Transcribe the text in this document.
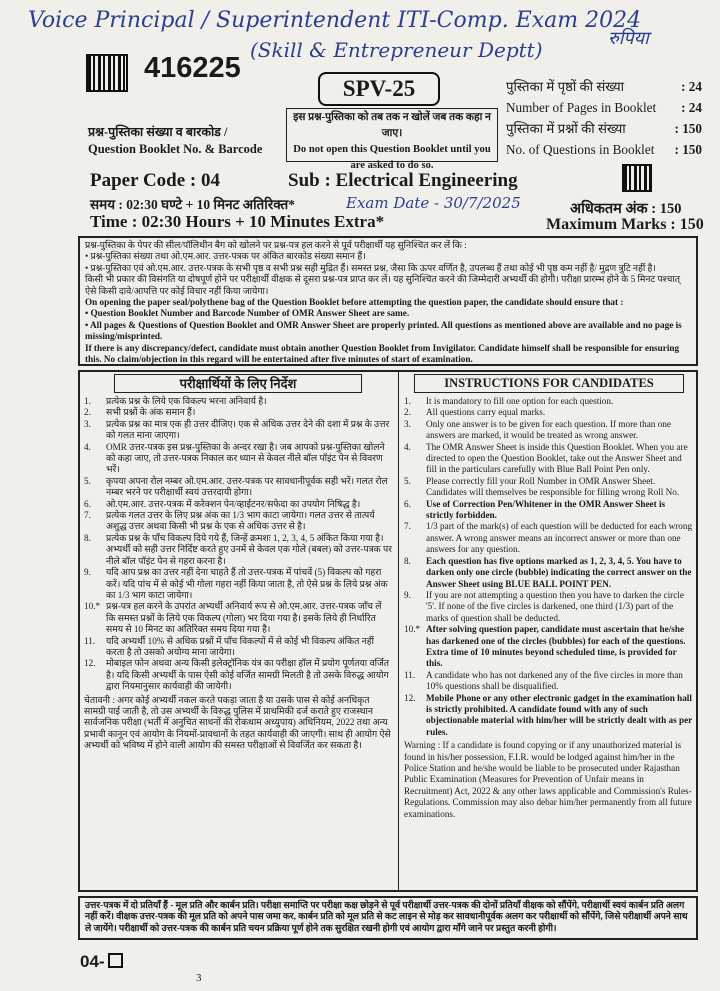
Voice Principal / Superintendent ITI-Comp. Exam 2024
(Skill & Entrepreneur Deptt)	रुपिया
416225
SPV-25
इस प्रश्न-पुस्तिका को तब तक न खोलें जब तक कहा न जाए।
Do not open this Question Booklet until you are asked to do so.
प्रश्न-पुस्तिका संख्या व बारकोड /
Question Booklet No. & Barcode
पुस्तिका में पृष्ठों की संख्या	: 24
Number of Pages in Booklet : 24
पुस्तिका में प्रश्नों की संख्या	: 150
No. of Questions in Booklet : 150
Paper Code : 04	Sub : Electrical Engineering
समय : 02:30 घण्टे + 10 मिनट अतिरिक्त*
Time : 02:30 Hours + 10 Minutes Extra*
Exam Date - 30/7/2025	अधिकतम अंक : 150
Maximum Marks : 150
प्रश्न-पुस्तिका के पेपर की सील/पॉलिथीन बैग को खोलने पर प्रश्न-पत्र हल करने से पूर्व परीक्षार्थी यह सुनिश्चित कर लें कि :
• प्रश्न-पुस्तिका संख्या तथा ओ.एम.आर. उत्तर-पत्रक पर अंकित बारकोड संख्या समान हैं।
• प्रश्न-पुस्तिका एवं ओ.एम.आर. उत्तर-पत्रक के सभी पृष्ठ व सभी प्रश्न सही मुद्रित हैं। समस्त प्रश्न, जैसा कि ऊपर वर्णित है, उपलब्ध हैं तथा कोई भी पृष्ठ कम नहीं है/ मुद्रण त्रुटि नहीं है।
किसी भी प्रकार की विसंगति या दोषपूर्ण होने पर परीक्षार्थी वीक्षक से दूसरा प्रश्न-पत्र प्राप्त कर लें। यह सुनिश्चित करने की जिम्मेदारी अभ्यर्थी की होगी। परीक्षा प्रारम्भ होने के 5 मिनट पश्चात् ऐसे किसी दावे/आपत्ति पर कोई विचार नहीं किया जायेगा।
On opening the paper seal/polythene bag of the Question Booklet before attempting the question paper, the candidate should ensure that :
• Question Booklet Number and Barcode Number of OMR Answer Sheet are same.
• All pages & Questions of Question Booklet and OMR Answer Sheet are properly printed. All questions as mentioned above are available and no page is missing/misprinted.
If there is any discrepancy/defect, candidate must obtain another Question Booklet from Invigilator. Candidate himself shall be responsible for ensuring this. No claim/objection in this regard will be entertained after five minutes of start of examination.
परीक्षार्थियों के लिए निर्देश
1.	प्रत्येक प्रश्न के लिये एक विकल्प भरना अनिवार्य है।
2.	सभी प्रश्नों के अंक समान हैं।
3.	प्रत्येक प्रश्न का मात्र एक ही उत्तर दीजिए। एक से अधिक उत्तर देने की दशा में प्रश्न के उत्तर को गलत माना जाएगा।
4.	OMR उत्तर-पत्रक इस प्रश्न-पुस्तिका के अन्दर रखा है। जब आपको प्रश्न-पुस्तिका खोलने को कहा जाए, तो उत्तर-पत्रक निकाल कर ध्यान से केवल नीले बॉल पॉइंट पेन से विवरण भरें।
5.	कृपया अपना रोल नम्बर ओ.एम.आर. उत्तर-पत्रक पर सावधानीपूर्वक सही भरें। गलत रोल नम्बर भरने पर परीक्षार्थी स्वयं उत्तरदायी होगा।
6.	ओ.एम.आर. उत्तर-पत्रक में करेक्शन पेन/व्हाईटनर/सफेदा का उपयोग निषिद्ध है।
7.	प्रत्येक गलत उत्तर के लिए प्रश्न अंक का 1/3 भाग काटा जायेगा। गलत उत्तर से तात्पर्य अशुद्ध उत्तर अथवा किसी भी प्रश्न के एक से अधिक उत्तर से है।
8.	प्रत्येक प्रश्न के पाँच विकल्प दिये गये हैं, जिन्हें क्रमशः 1, 2, 3, 4, 5 अंकित किया गया है। अभ्यर्थी को सही उत्तर निर्दिष्ट करते हुए उनमें से केवल एक गोले (बबल) को उत्तर-पत्रक पर नीले बॉल पॉइंट पेन से गहरा करना है।
9.	यदि आप प्रश्न का उत्तर नहीं देना चाहते हैं तो उत्तर-पत्रक में पांचवें (5) विकल्प को गहरा करें। यदि पांच में से कोई भी गोला गहरा नहीं किया जाता है, तो ऐसे प्रश्न के लिये प्रश्न अंक का 1/3 भाग काटा जायेगा।
10.* प्रश्न-पत्र हल करने के उपरांत अभ्यर्थी अनिवार्य रूप से ओ.एम.आर. उत्तर-पत्रक जाँच लें कि समस्त प्रश्नों के लिये एक विकल्प (गोला) भर दिया गया है। इसके लिये ही निर्धारित समय से 10 मिनट का अतिरिक्त समय दिया गया है।
11.	यदि अभ्यर्थी 10% से अधिक प्रश्नों में पाँच विकल्पों में से कोई भी विकल्प अंकित नहीं करता है तो उसको अयोग्य माना जायेगा।
12.	मोबाइल फोन अथवा अन्य किसी इलेक्ट्रॉनिक यंत्र का परीक्षा हॉल में प्रयोग पूर्णतया वर्जित है। यदि किसी अभ्यर्थी के पास ऐसी कोई वर्जित सामग्री मिलती है तो उसके विरुद्ध आयोग द्वारा नियमानुसार कार्यवाही की जायेगी।
चेतावनी : अगर कोई अभ्यर्थी नकल करते पकड़ा जाता है या उसके पास से कोई अनधिकृत सामग्री पाई जाती है, तो उस अभ्यर्थी के विरुद्ध पुलिस में प्राथमिकी दर्ज कराते हुए राजस्थान सार्वजनिक परीक्षा (भर्ती में अनुचित साधनों की रोकथाम अध्युपाय) अधिनियम, 2022 तथा अन्य प्रभावी कानून एवं आयोग के नियमों-प्रावधानों के तहत कार्यवाही की जाएगी। साथ ही आयोग ऐसे अभ्यर्थी को भविष्य में होने वाली आयोग की समस्त परीक्षाओं से विवर्जित कर सकता है।
INSTRUCTIONS FOR CANDIDATES
1.	It is mandatory to fill one option for each question.
2.	All questions carry equal marks.
3.	Only one answer is to be given for each question. If more than one answers are marked, it would be treated as wrong answer.
4.	The OMR Answer Sheet is inside this Question Booklet. When you are directed to open the Question Booklet, take out the Answer Sheet and fill in the particulars carefully with Blue Ball Point Pen only.
5.	Please correctly fill your Roll Number in OMR Answer Sheet. Candidates will themselves be responsible for filling wrong Roll No.
6.	Use of Correction Pen/Whitener in the OMR Answer Sheet is strictly forbidden.
7.	1/3 part of the mark(s) of each question will be deducted for each wrong answer. A wrong answer means an incorrect answer or more than one answers for any question.
8.	Each question has five options marked as 1, 2, 3, 4, 5. You have to darken only one circle (bubble) indicating the correct answer on the Answer Sheet using BLUE BALL POINT PEN.
9.	If you are not attempting a question then you have to darken the circle '5'. If none of the five circles is darkened, one third (1/3) part of the marks of question shall be deducted.
10.* After solving question paper, candidate must ascertain that he/she has darkened one of the circles (bubbles) for each of the questions. Extra time of 10 minutes beyond scheduled time, is provided for this.
11.	A candidate who has not darkened any of the five circles in more than 10% questions shall be disqualified.
12.	Mobile Phone or any other electronic gadget in the examination hall is strictly prohibited. A candidate found with any of such objectionable material with him/her will be strictly dealt with as per rules.
Warning : If a candidate is found copying or if any unauthorized material is found in his/her possession, F.I.R. would be lodged against him/her in the Police Station and he/she would be liable to be prosecuted under Rajasthan Public Examination (Measures for Prevention of Unfair means in Recruitment) Act, 2022 & any other laws applicable and Commission's Rules-Regulations. Commission may also debar him/her permanently from all future examinations.
उत्तर-पत्रक में दो प्रतियाँ हैं - मूल प्रति और कार्बन प्रति। परीक्षा समाप्ति पर परीक्षा कक्ष छोड़ने से पूर्व परीक्षार्थी उत्तर-पत्रक की दोनों प्रतियाँ वीक्षक को सौंपेंगे, परीक्षार्थी स्वयं कार्बन प्रति अलग नहीं करें। वीक्षक उत्तर-पत्रक की मूल प्रति को अपने पास जमा कर, कार्बन प्रति को मूल प्रति से कट लाइन से मोड़ कर सावधानीपूर्वक अलग कर परीक्षार्थी को सौंपेंगे, जिसे परीक्षार्थी अपने साथ ले जायेंगे। परीक्षार्थी को उत्तर-पत्रक की कार्बन प्रति चयन प्रक्रिया पूर्ण होने तक सुरक्षित रखनी होगी एवं आयोग द्वारा माँगे जाने पर प्रस्तुत करनी होगी।
04-
3
